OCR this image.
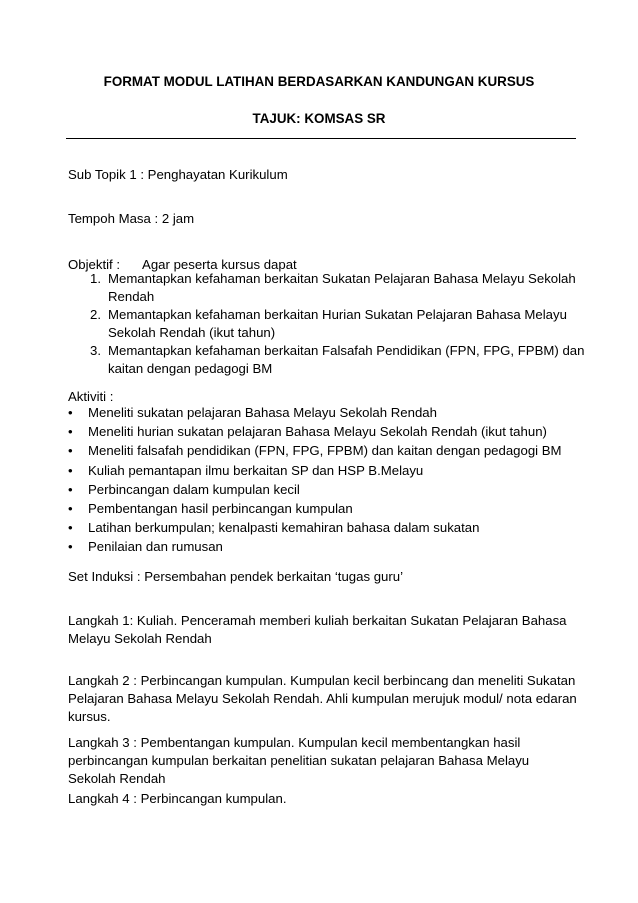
FORMAT MODUL LATIHAN BERDASARKAN KANDUNGAN KURSUS
TAJUK: KOMSAS SR
Sub Topik 1 : Penghayatan Kurikulum
Tempoh Masa : 2 jam
Objektif : Agar peserta kursus dapat
1. Memantapkan kefahaman berkaitan Sukatan Pelajaran Bahasa Melayu Sekolah Rendah
2. Memantapkan kefahaman berkaitan Hurian Sukatan Pelajaran Bahasa Melayu Sekolah Rendah (ikut tahun)
3. Memantapkan kefahaman berkaitan Falsafah Pendidikan (FPN, FPG, FPBM) dan kaitan dengan pedagogi BM
Aktiviti :
• Meneliti sukatan pelajaran Bahasa Melayu Sekolah Rendah
• Meneliti hurian sukatan pelajaran Bahasa Melayu Sekolah Rendah (ikut tahun)
• Meneliti falsafah pendidikan (FPN, FPG, FPBM) dan kaitan dengan pedagogi BM
• Kuliah pemantapan ilmu berkaitan SP dan HSP B.Melayu
• Perbincangan dalam kumpulan kecil
• Pembentangan hasil perbincangan kumpulan
• Latihan berkumpulan; kenalpasti kemahiran bahasa dalam sukatan
• Penilaian dan rumusan
Set Induksi : Persembahan pendek berkaitan ‘tugas guru’
Langkah 1: Kuliah. Penceramah memberi kuliah berkaitan Sukatan Pelajaran Bahasa Melayu Sekolah Rendah
Langkah 2 : Perbincangan kumpulan. Kumpulan kecil berbincang dan meneliti Sukatan Pelajaran Bahasa Melayu Sekolah Rendah. Ahli kumpulan merujuk modul/ nota edaran kursus.
Langkah 3 : Pembentangan kumpulan. Kumpulan kecil membentangkan hasil perbincangan kumpulan berkaitan penelitian sukatan pelajaran Bahasa Melayu Sekolah Rendah
Langkah 4 : Perbincangan kumpulan.
